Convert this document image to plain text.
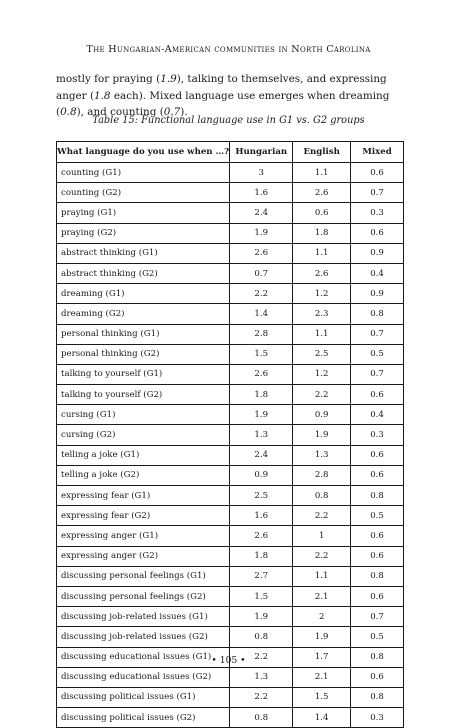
The Hungarian-American communities in North Carolina

mostly for praying (1.9), talking to themselves, and expressing anger (1.8 each). Mixed language use emerges when dreaming (0.8), and counting (0.7).

Table 15: Functional language use in G1 vs. G2 groups
What language do you use when …?	Hungarian	English	Mixed
counting (G1)	3	1.1	0.6
counting (G2)	1.6	2.6	0.7
praying (G1)	2.4	0.6	0.3
praying (G2)	1.9	1.8	0.6
abstract thinking (G1)	2.6	1.1	0.9
abstract thinking (G2)	0.7	2.6	0.4
dreaming (G1)	2.2	1.2	0.9
dreaming (G2)	1.4	2.3	0.8
personal thinking (G1)	2.8	1.1	0.7
personal thinking (G2)	1.5	2.5	0.5
talking to yourself (G1)	2.6	1.2	0.7
talking to yourself (G2)	1.8	2.2	0.6
cursing (G1)	1.9	0.9	0.4
cursing (G2)	1.3	1.9	0.3
telling a joke (G1)	2.4	1.3	0.6
telling a joke (G2)	0.9	2.8	0.6
expressing fear (G1)	2.5	0.8	0.8
expressing fear (G2)	1.6	2.2	0.5
expressing anger (G1)	2.6	1	0.6
expressing anger (G2)	1.8	2.2	0.6
discussing personal feelings (G1)	2.7	1.1	0.8
discussing personal feelings (G2)	1.5	2.1	0.6
discussing job-related issues (G1)	1.9	2	0.7
discussing job-related issues (G2)	0.8	1.9	0.5
discussing educational issues (G1)	2.2	1.7	0.8
discussing educational issues (G2)	1.3	2.1	0.6
discussing political issues (G1)	2.2	1.5	0.8
discussing political issues (G2)	0.8	1.4	0.3
• 105 •
